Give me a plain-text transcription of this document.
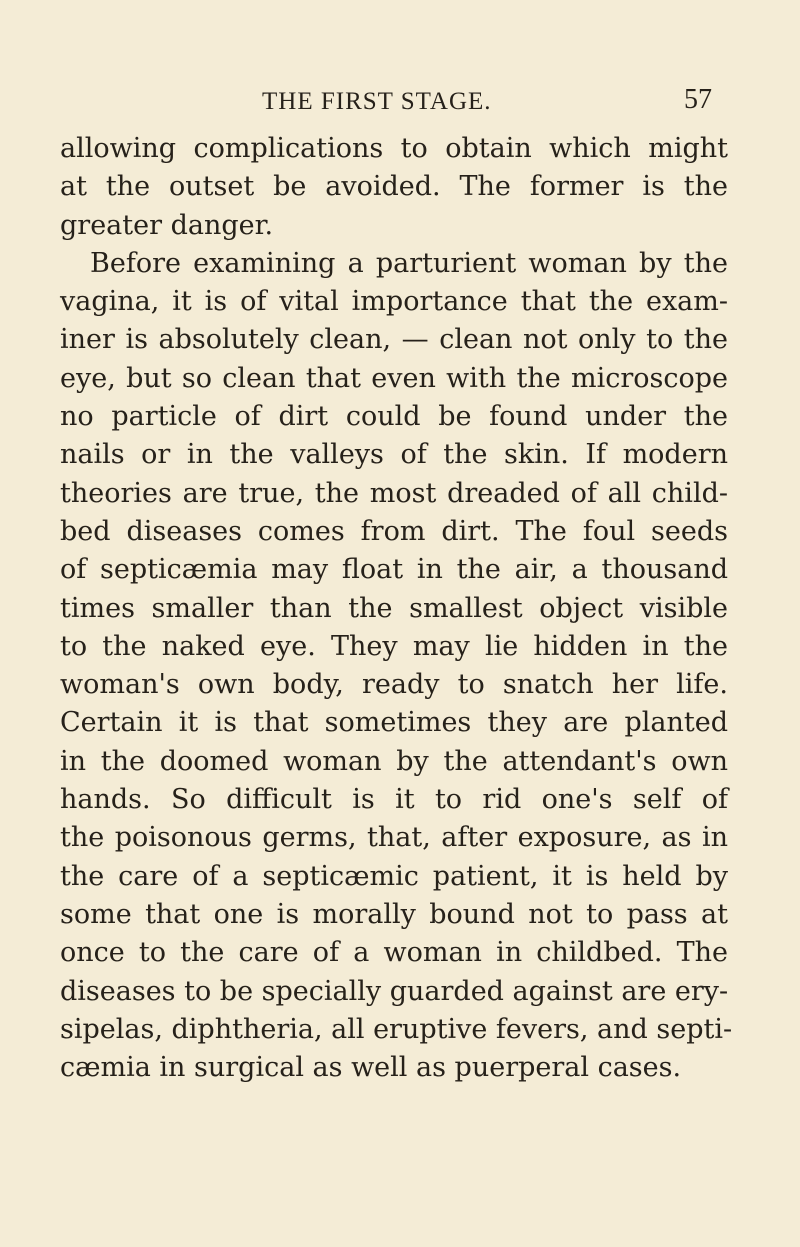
THE FIRST STAGE.	57
allowing complications to obtain which might
at the outset be avoided. The former is the
greater danger.
Before examining a parturient woman by the
vagina, it is of vital importance that the exam-
iner is absolutely clean, — clean not only to the
eye, but so clean that even with the microscope
no particle of dirt could be found under the
nails or in the valleys of the skin. If modern
theories are true, the most dreaded of all child-
bed diseases comes from dirt. The foul seeds
of septicæmia may float in the air, a thousand
times smaller than the smallest object visible
to the naked eye. They may lie hidden in the
woman's own body, ready to snatch her life.
Certain it is that sometimes they are planted
in the doomed woman by the attendant's own
hands. So difficult is it to rid one's self of
the poisonous germs, that, after exposure, as in
the care of a septicæmic patient, it is held by
some that one is morally bound not to pass at
once to the care of a woman in childbed. The
diseases to be specially guarded against are ery-
sipelas, diphtheria, all eruptive fevers, and septi-
cæmia in surgical as well as puerperal cases.
